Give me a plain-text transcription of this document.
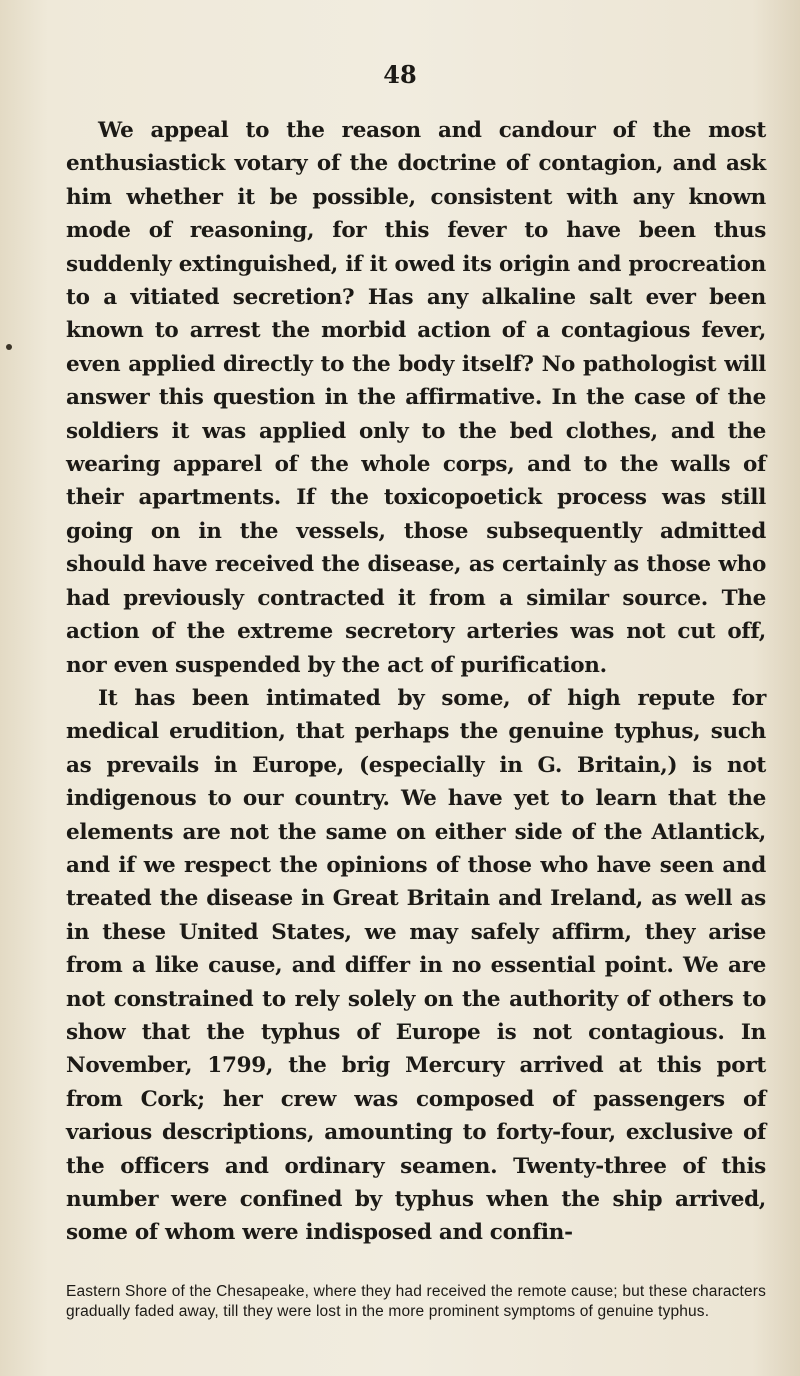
48

We appeal to the reason and candour of the most enthusiastick votary of the doctrine of contagion, and ask him whether it be possible, consistent with any known mode of reasoning, for this fever to have been thus suddenly extinguished, if it owed its origin and procreation to a vitiated secretion? Has any alkaline salt ever been known to arrest the morbid action of a contagious fever, even applied directly to the body itself? No pathologist will answer this question in the affirmative. In the case of the soldiers it was applied only to the bed clothes, and the wearing apparel of the whole corps, and to the walls of their apartments. If the toxicopoetick process was still going on in the vessels, those subsequently admitted should have received the disease, as certainly as those who had previously contracted it from a similar source. The action of the extreme secretory arteries was not cut off, nor even suspended by the act of purification.

It has been intimated by some, of high repute for medical erudition, that perhaps the genuine typhus, such as prevails in Europe, (especially in G. Britain,) is not indigenous to our country. We have yet to learn that the elements are not the same on either side of the Atlantick, and if we respect the opinions of those who have seen and treated the disease in Great Britain and Ireland, as well as in these United States, we may safely affirm, they arise from a like cause, and differ in no essential point. We are not constrained to rely solely on the authority of others to show that the typhus of Europe is not contagious. In November, 1799, the brig Mercury arrived at this port from Cork; her crew was composed of passengers of various descriptions, amounting to forty-four, exclusive of the officers and ordinary seamen. Twenty-three of this number were confined by typhus when the ship arrived, some of whom were indisposed and confin-

Eastern Shore of the Chesapeake, where they had received the remote cause; but these characters gradually faded away, till they were lost in the more prominent symptoms of genuine typhus.
